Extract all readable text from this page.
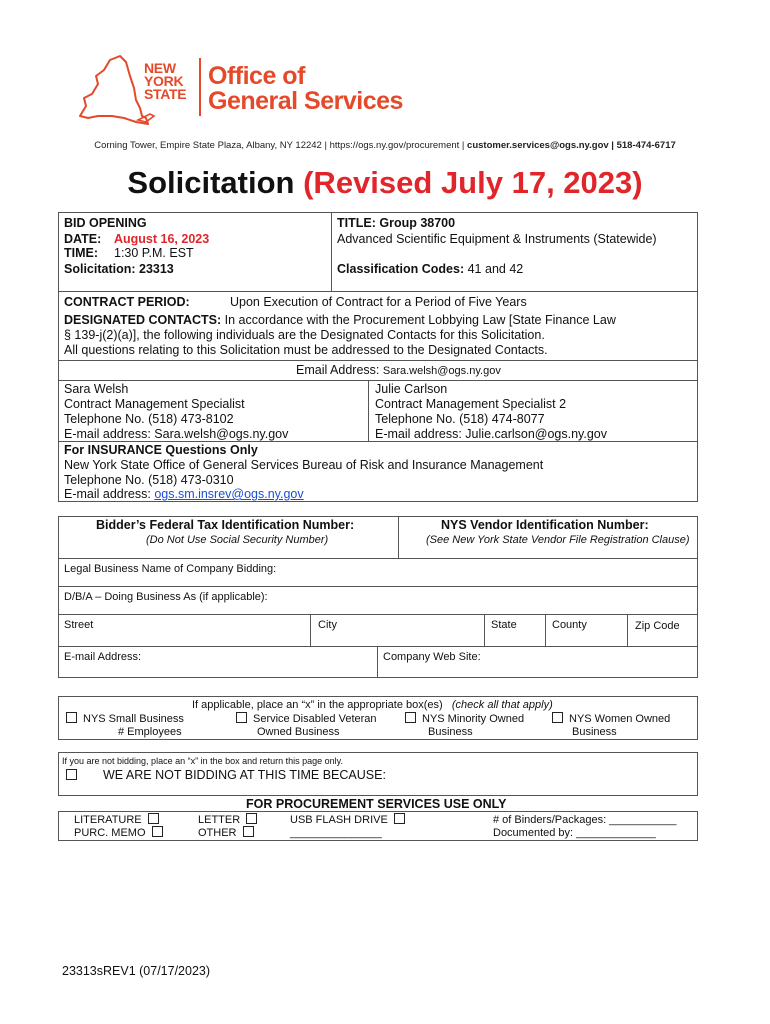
NEW
YORK
STATE
Office of
General Services
Corning Tower, Empire State Plaza, Albany, NY 12242 | https://ogs.ny.gov/procurement | customer.services@ogs.ny.gov | 518-474-6717
Solicitation (Revised July 17, 2023)
BID OPENING
DATE: August 16, 2023
TIME: 1:30 P.M. EST
Solicitation: 23313
TITLE: Group 38700
Advanced Scientific Equipment & Instruments (Statewide)
Classification Codes: 41 and 42
CONTRACT PERIOD:	Upon Execution of Contract for a Period of Five Years
DESIGNATED CONTACTS: In accordance with the Procurement Lobbying Law [State Finance Law
§ 139-j(2)(a)], the following individuals are the Designated Contacts for this Solicitation.
All questions relating to this Solicitation must be addressed to the Designated Contacts.
Email Address: Sara.welsh@ogs.ny.gov
Sara Welsh
Contract Management Specialist
Telephone No. (518) 473-8102
E-mail address: Sara.welsh@ogs.ny.gov
Julie Carlson
Contract Management Specialist 2
Telephone No. (518) 474-8077
E-mail address: Julie.carlson@ogs.ny.gov
For INSURANCE Questions Only
New York State Office of General Services Bureau of Risk and Insurance Management
Telephone No. (518) 473-0310
E-mail address: ogs.sm.insrev@ogs.ny.gov
Bidder’s Federal Tax Identification Number:
(Do Not Use Social Security Number)
NYS Vendor Identification Number:
(See New York State Vendor File Registration Clause)
Legal Business Name of Company Bidding:
D/B/A – Doing Business As (if applicable):
Street	City	State	County	Zip Code
E-mail Address:	Company Web Site:
If applicable, place an “x” in the appropriate box(es) (check all that apply)
NYS Small Business
# Employees
Service Disabled Veteran
Owned Business
NYS Minority Owned
Business
NYS Women Owned
Business
If you are not bidding, place an “x” in the box and return this page only.
WE ARE NOT BIDDING AT THIS TIME BECAUSE:
FOR PROCUREMENT SERVICES USE ONLY
LITERATURE
PURC. MEMO
LETTER
OTHER
USB FLASH DRIVE
_______________
# of Binders/Packages: ___________
Documented by: _____________
23313sREV1 (07/17/2023)
